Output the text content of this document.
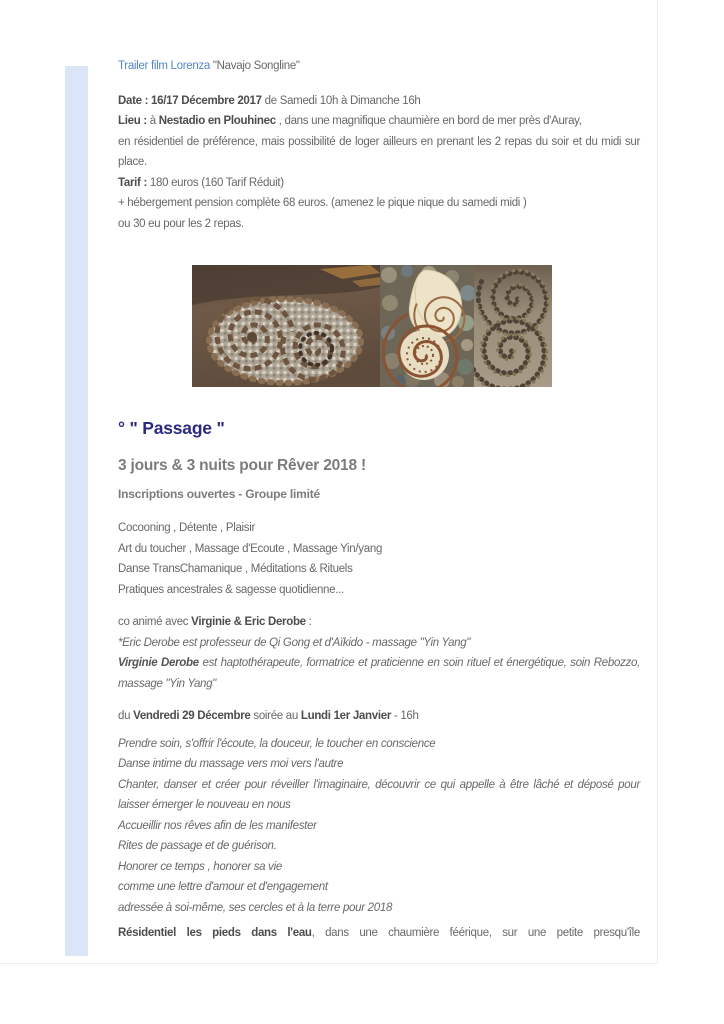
Trailer film Lorenza "Navajo Songline"
Date : 16/17 Décembre 2017 de Samedi 10h à Dimanche 16h
Lieu : à Nestadio en Plouhinec , dans une magnifique chaumière en bord de mer près d'Auray,
en résidentiel de préférence, mais possibilité de loger ailleurs en prenant les 2 repas du soir et du midi sur place.
Tarif : 180 euros (160 Tarif Réduit)
+ hébergement pension complète 68 euros. (amenez le pique nique du samedi midi )
ou 30 eu pour les 2 repas.
° " Passage "
3 jours & 3 nuits pour Rêver 2018 !
Inscriptions ouvertes - Groupe limité
Cocooning , Détente , Plaisir
Art du toucher , Massage d'Ecoute , Massage Yin/yang
Danse TransChamanique , Méditations & Rituels
Pratiques ancestrales & sagesse quotidienne...
co animé avec Virginie & Eric Derobe :
*Eric Derobe est professeur de Qi Gong et d'Aïkido - massage "Yin Yang"
Virginie Derobe est haptothérapeute, formatrice et praticienne en soin rituel et énergétique, soin Rebozzo, massage "Yin Yang"
du Vendredi 29 Décembre soirée au Lundi 1er Janvier - 16h
Prendre soin, s'offrir l'écoute, la douceur, le toucher en conscience
Danse intime du massage vers moi vers l'autre
Chanter, danser et créer pour réveiller l'imaginaire, découvrir ce qui appelle à être lâché et déposé pour laisser émerger le nouveau en nous
Accueillir nos rêves afin de les manifester
Rites de passage et de guérison.
Honorer ce temps , honorer sa vie
comme une lettre d'amour et d'engagement
adressée à soi-même, ses cercles et à la terre pour 2018
Résidentiel les pieds dans l'eau, dans une chaumière féérique, sur une petite presqu'île
